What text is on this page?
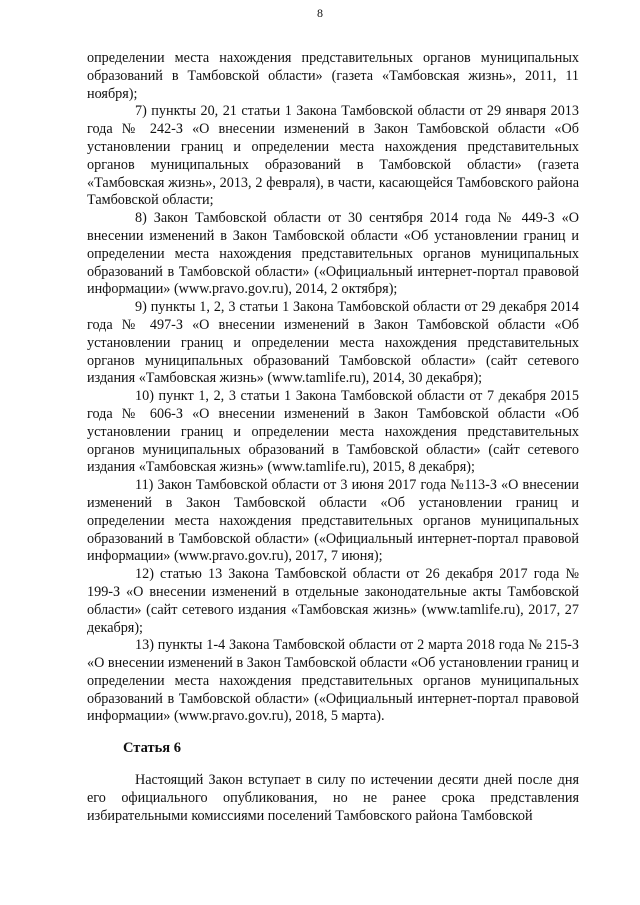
8

определении места нахождения представительных органов муниципальных образований в Тамбовской области» (газета «Тамбовская жизнь», 2011, 11 ноября);

7) пункты 20, 21 статьи 1 Закона Тамбовской области от 29 января 2013 года № 242-З «О внесении изменений в Закон Тамбовской области «Об установлении границ и определении места нахождения представительных органов муниципальных образований в Тамбовской области» (газета «Тамбовская жизнь», 2013, 2 февраля), в части, касающейся Тамбовского района Тамбовской области;

8) Закон Тамбовской области от 30 сентября 2014 года № 449-З «О внесении изменений в Закон Тамбовской области «Об установлении границ и определении места нахождения представительных органов муниципальных образований в Тамбовской области» («Официальный интернет-портал правовой информации» (www.pravo.gov.ru), 2014, 2 октября);

9) пункты 1, 2, 3 статьи 1 Закона Тамбовской области от 29 декабря 2014 года № 497-З «О внесении изменений в Закон Тамбовской области «Об установлении границ и определении места нахождения представительных органов муниципальных образований Тамбовской области» (сайт сетевого издания «Тамбовская жизнь» (www.tamlife.ru), 2014, 30 декабря);

10) пункт 1, 2, 3 статьи 1 Закона Тамбовской области от 7 декабря 2015 года № 606-З «О внесении изменений в Закон Тамбовской области «Об установлении границ и определении места нахождения представительных органов муниципальных образований в Тамбовской области» (сайт сетевого издания «Тамбовская жизнь» (www.tamlife.ru), 2015, 8 декабря);

11) Закон Тамбовской области от 3 июня 2017 года №113-З «О внесении изменений в Закон Тамбовской области «Об установлении границ и определении места нахождения представительных органов муниципальных образований в Тамбовской области» («Официальный интернет-портал правовой информации» (www.pravo.gov.ru), 2017, 7 июня);

12) статью 13 Закона Тамбовской области от 26 декабря 2017 года № 199-З «О внесении изменений в отдельные законодательные акты Тамбовской области» (сайт сетевого издания «Тамбовская жизнь» (www.tamlife.ru), 2017, 27 декабря);

13) пункты 1-4 Закона Тамбовской области от 2 марта 2018 года № 215-З «О внесении изменений в Закон Тамбовской области «Об установлении границ и определении места нахождения представительных органов муниципальных образований в Тамбовской области» («Официальный интернет-портал правовой информации» (www.pravo.gov.ru), 2018, 5 марта).

Статья 6

Настоящий Закон вступает в силу по истечении десяти дней после дня его официального опубликования, но не ранее срока представления избирательными комиссиями поселений Тамбовского района Тамбовской
